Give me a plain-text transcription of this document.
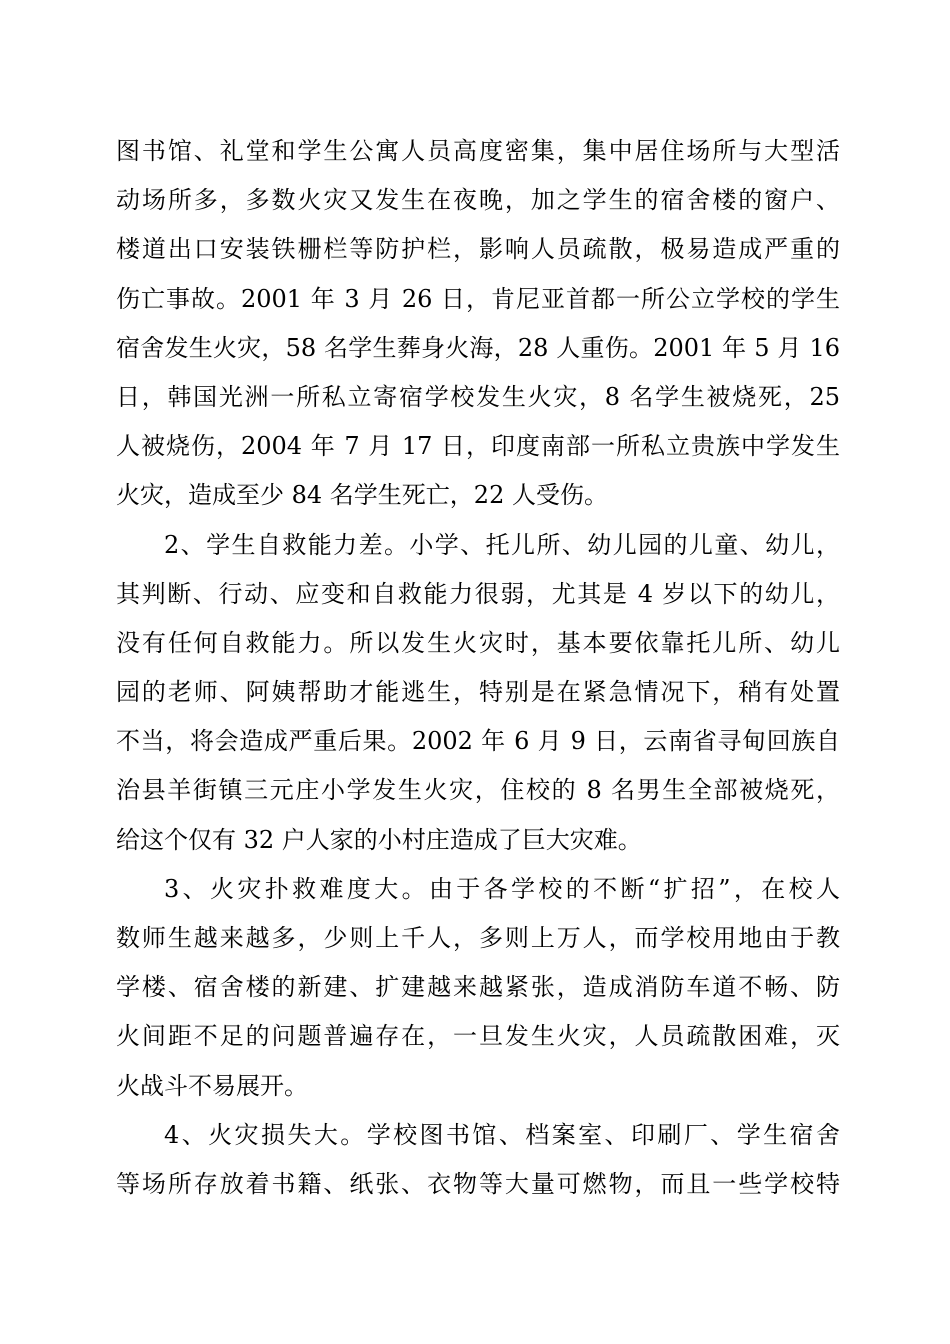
图书馆、礼堂和学生公寓人员高度密集，集中居住场所与大型活
动场所多，多数火灾又发生在夜晚，加之学生的宿舍楼的窗户、
楼道出口安装铁栅栏等防护栏，影响人员疏散，极易造成严重的
伤亡事故。2001 年 3 月 26 日，肯尼亚首都一所公立学校的学生
宿舍发生火灾，58 名学生葬身火海，28 人重伤。2001 年 5 月 16
日，韩国光洲一所私立寄宿学校发生火灾，8 名学生被烧死，25
人被烧伤，2004 年 7 月 17 日，印度南部一所私立贵族中学发生
火灾，造成至少 84 名学生死亡，22 人受伤。
2、学生自救能力差。小学、托儿所、幼儿园的儿童、幼儿，
其判断、行动、应变和自救能力很弱，尤其是 4 岁以下的幼儿，
没有任何自救能力。所以发生火灾时，基本要依靠托儿所、幼儿
园的老师、阿姨帮助才能逃生，特别是在紧急情况下，稍有处置
不当，将会造成严重后果。2002 年 6 月 9 日，云南省寻甸回族自
治县羊街镇三元庄小学发生火灾，住校的 8 名男生全部被烧死，
给这个仅有 32 户人家的小村庄造成了巨大灾难。
3、火灾扑救难度大。由于各学校的不断“扩招”，在校人
数师生越来越多，少则上千人，多则上万人，而学校用地由于教
学楼、宿舍楼的新建、扩建越来越紧张，造成消防车道不畅、防
火间距不足的问题普遍存在，一旦发生火灾，人员疏散困难，灭
火战斗不易展开。
4、火灾损失大。学校图书馆、档案室、印刷厂、学生宿舍
等场所存放着书籍、纸张、衣物等大量可燃物，而且一些学校特
